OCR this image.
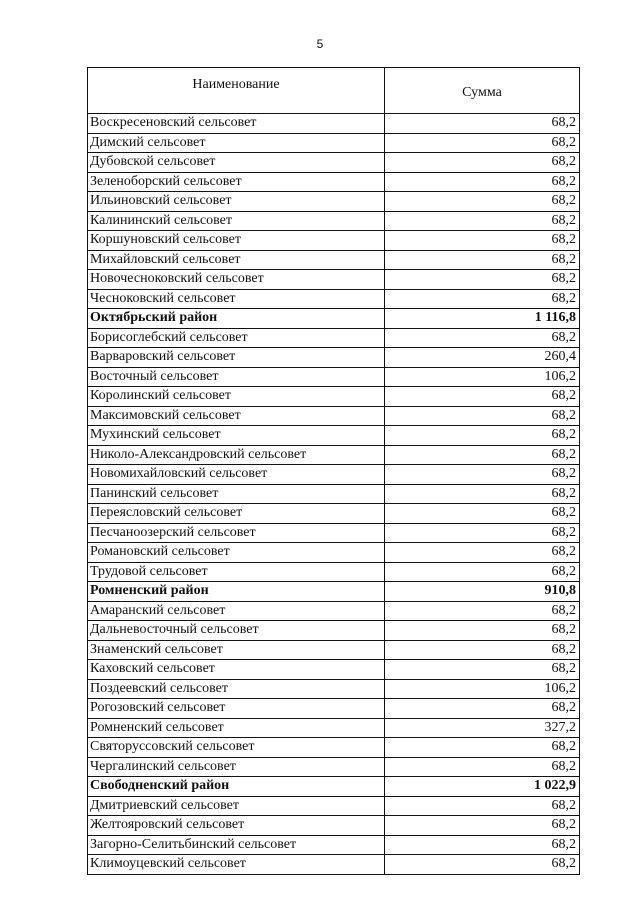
5
Наименование	Сумма
Воскресеновский сельсовет	68,2
Димский сельсовет	68,2
Дубовской сельсовет	68,2
Зеленоборский сельсовет	68,2
Ильиновский сельсовет	68,2
Калининский сельсовет	68,2
Коршуновский сельсовет	68,2
Михайловский сельсовет	68,2
Новочесноковский сельсовет	68,2
Чесноковский сельсовет	68,2
Октябрьский район	1 116,8
Борисоглебский сельсовет	68,2
Варваровский сельсовет	260,4
Восточный сельсовет	106,2
Королинский сельсовет	68,2
Максимовский сельсовет	68,2
Мухинский сельсовет	68,2
Николо-Александровский сельсовет	68,2
Новомихайловский сельсовет	68,2
Панинский сельсовет	68,2
Переясловский сельсовет	68,2
Песчаноозерский сельсовет	68,2
Романовский сельсовет	68,2
Трудовой сельсовет	68,2
Ромненский район	910,8
Амаранский сельсовет	68,2
Дальневосточный сельсовет	68,2
Знаменский сельсовет	68,2
Каховский сельсовет	68,2
Поздеевский сельсовет	106,2
Рогозовский сельсовет	68,2
Ромненский сельсовет	327,2
Святоруссовский сельсовет	68,2
Чергалинский сельсовет	68,2
Свободненский район	1 022,9
Дмитриевский сельсовет	68,2
Желтояровский сельсовет	68,2
Загорно-Селитьбинский сельсовет	68,2
Климоуцевский сельсовет	68,2
